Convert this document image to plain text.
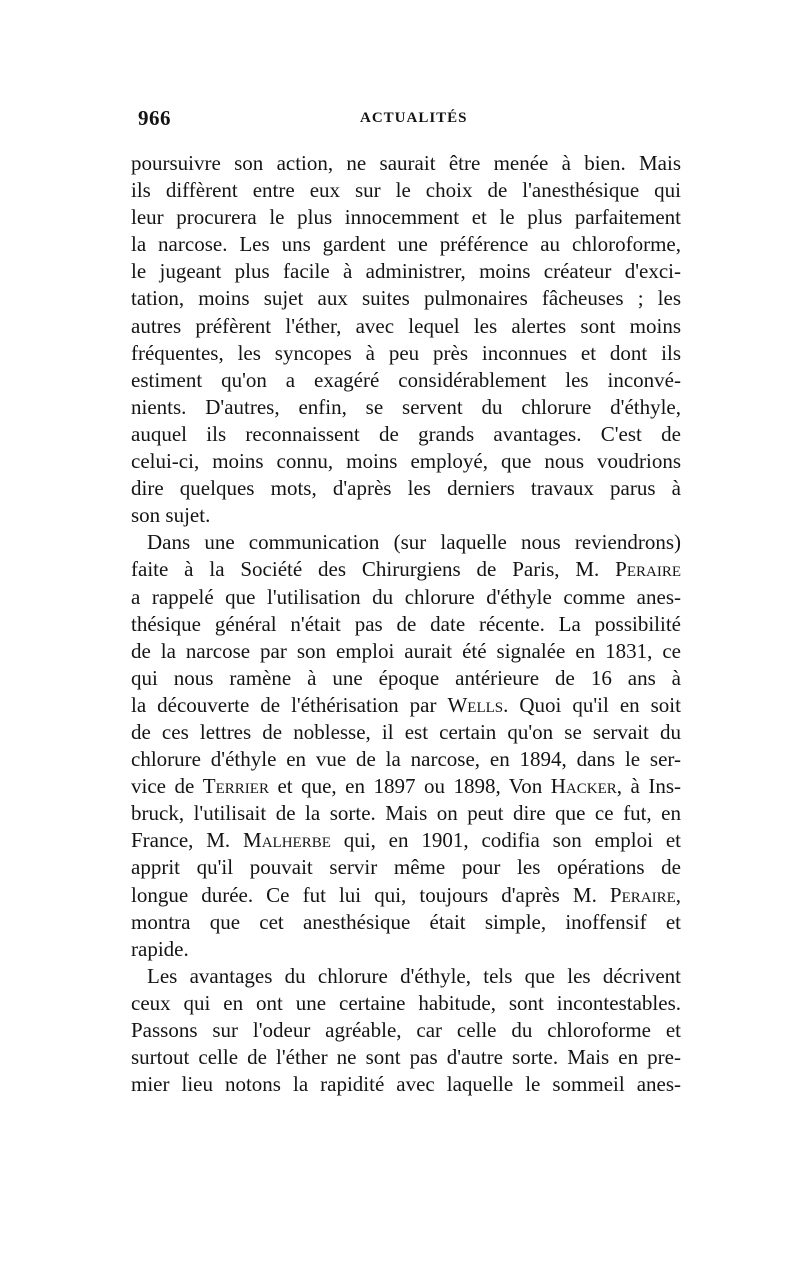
966	ACTUALITÉS
poursuivre son action, ne saurait être menée à bien. Mais
ils diffèrent entre eux sur le choix de l'anesthésique qui
leur procurera le plus innocemment et le plus parfaitement
la narcose. Les uns gardent une préférence au chloroforme,
le jugeant plus facile à administrer, moins créateur d'exci-
tation, moins sujet aux suites pulmonaires fâcheuses ; les
autres préfèrent l'éther, avec lequel les alertes sont moins
fréquentes, les syncopes à peu près inconnues et dont ils
estiment qu'on a exagéré considérablement les inconvé-
nients. D'autres, enfin, se servent du chlorure d'éthyle,
auquel ils reconnaissent de grands avantages. C'est de
celui-ci, moins connu, moins employé, que nous voudrions
dire quelques mots, d'après les derniers travaux parus à
son sujet.
Dans une communication (sur laquelle nous reviendrons)
faite à la Société des Chirurgiens de Paris, M. Peraire
a rappelé que l'utilisation du chlorure d'éthyle comme anes-
thésique général n'était pas de date récente. La possibilité
de la narcose par son emploi aurait été signalée en 1831, ce
qui nous ramène à une époque antérieure de 16 ans à
la découverte de l'éthérisation par Wells. Quoi qu'il en soit
de ces lettres de noblesse, il est certain qu'on se servait du
chlorure d'éthyle en vue de la narcose, en 1894, dans le ser-
vice de Terrier et que, en 1897 ou 1898, Von Hacker, à Ins-
bruck, l'utilisait de la sorte. Mais on peut dire que ce fut, en
France, M. Malherbe qui, en 1901, codifia son emploi et
apprit qu'il pouvait servir même pour les opérations de
longue durée. Ce fut lui qui, toujours d'après M. Peraire,
montra que cet anesthésique était simple, inoffensif et
rapide.
Les avantages du chlorure d'éthyle, tels que les décrivent
ceux qui en ont une certaine habitude, sont incontestables.
Passons sur l'odeur agréable, car celle du chloroforme et
surtout celle de l'éther ne sont pas d'autre sorte. Mais en pre-
mier lieu notons la rapidité avec laquelle le sommeil anes-
